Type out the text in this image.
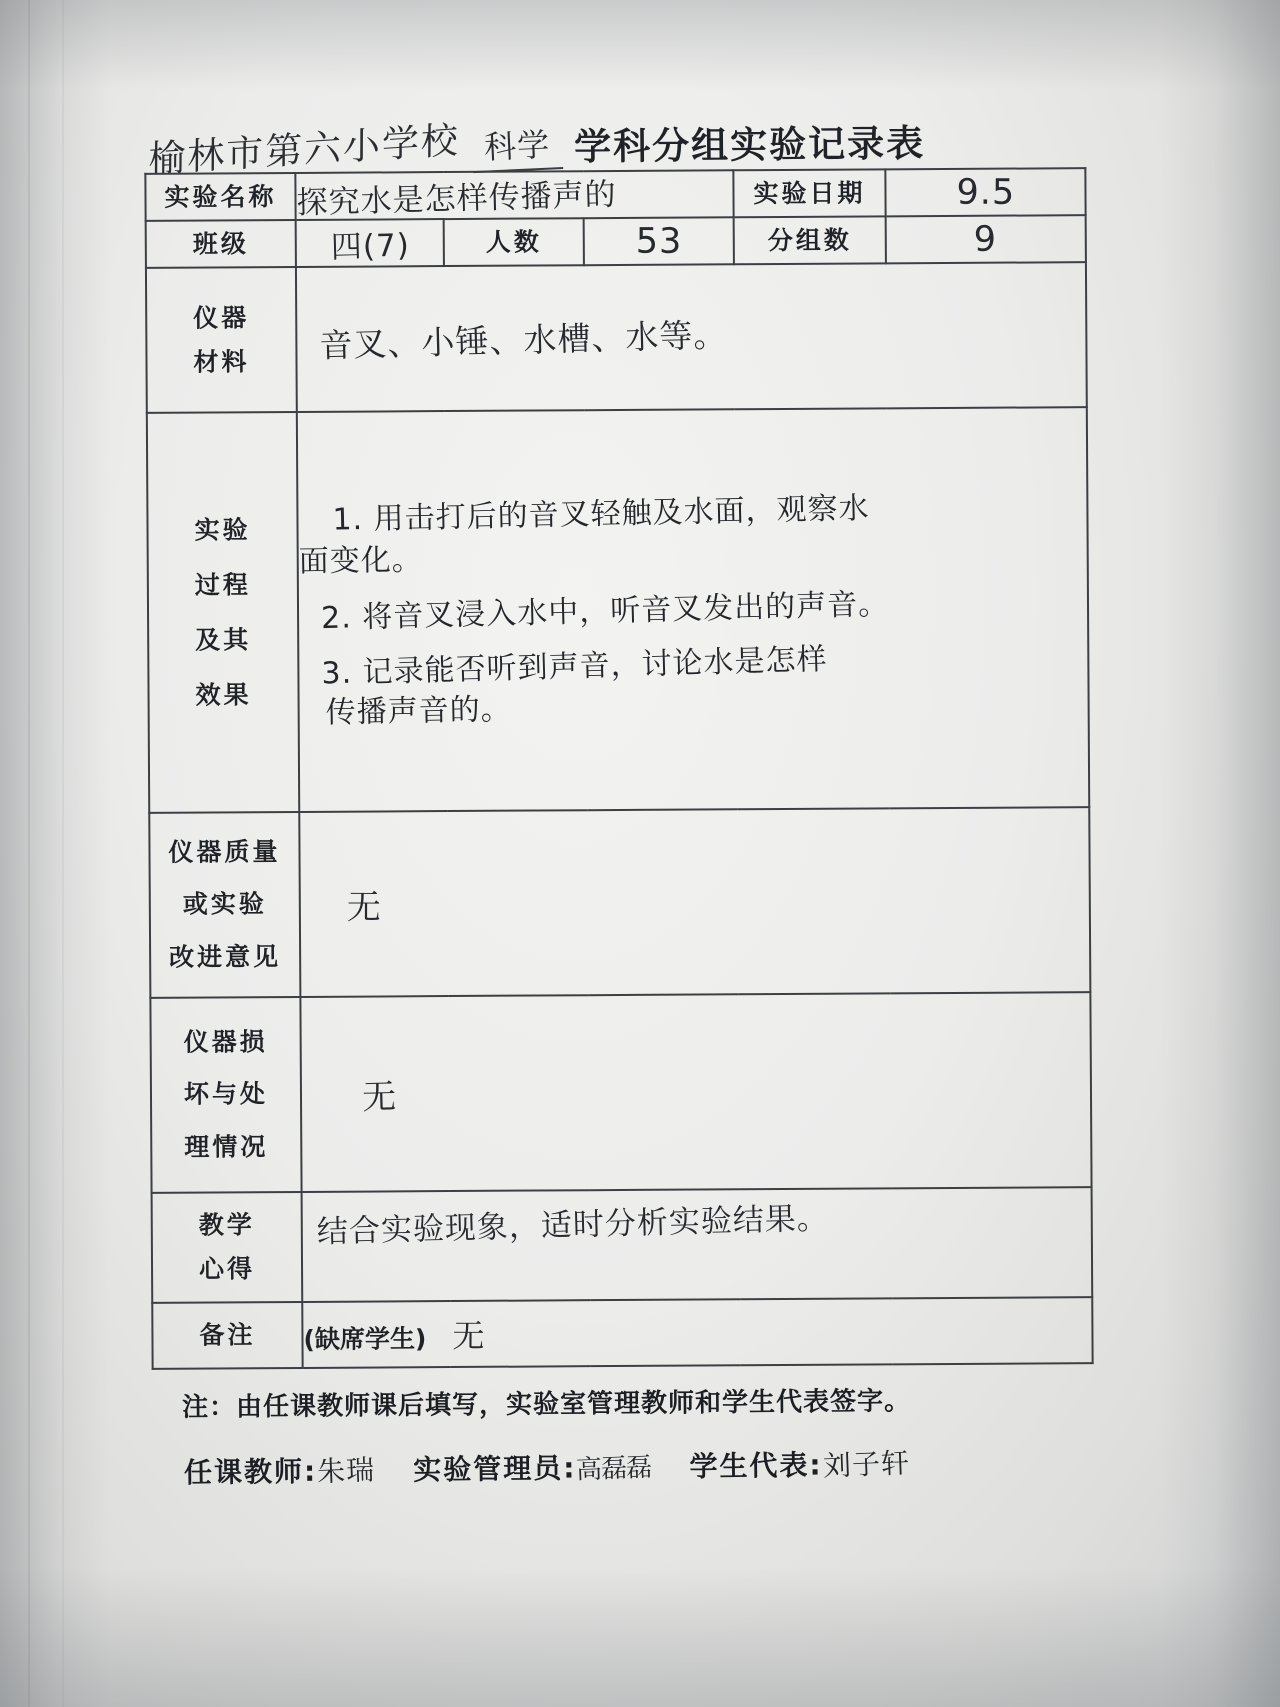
榆林市第六小学校 科学 学科分组实验记录表
实验名称	探究水是怎样传播声的			实验日期	9.5
班级	四(7)	人数	53	分组数	9

仪器
材料	音叉、小锤、水槽、水等。				

实验
过程
及其
效果

1. 用击打后的音叉轻触及水面，观察水
面变化。
2. 将音叉浸入水中，听音叉发出的声音。
3. 记录能否听到声音，讨论水是怎样
传播声音的。

仪器质量
或实验
改进意见	无				

仪器损
坏与处
理情况	无				

教学
心得	结合实验现象，适时分析实验结果。				
备注	(缺席学生) 无				
注：由任课教师课后填写，实验室管理教师和学生代表签字。
任课教师: 朱瑞 实验管理员: 高磊磊 学生代表: 刘子轩
